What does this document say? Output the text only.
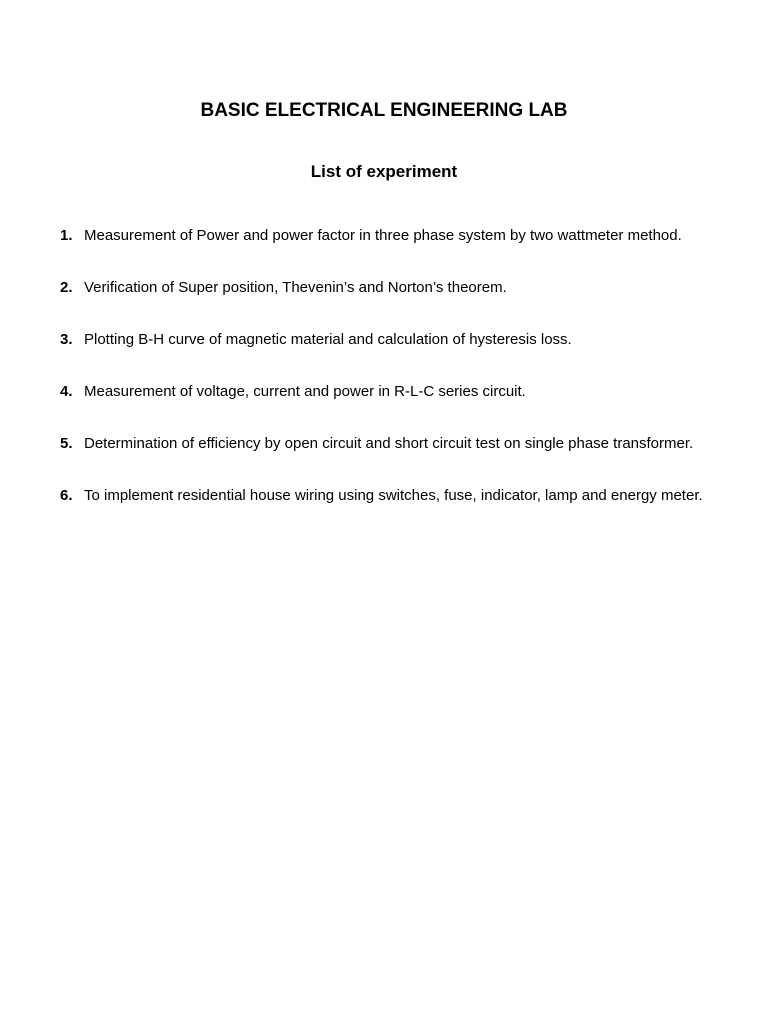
BASIC ELECTRICAL ENGINEERING LAB
List of experiment
1. Measurement of Power and power factor in three phase system by two wattmeter method.
2. Verification of Super position, Thevenin’s and Norton’s theorem.
3. Plotting B-H curve of magnetic material and calculation of hysteresis loss.
4. Measurement of voltage, current and power in R-L-C series circuit.
5. Determination of efficiency by open circuit and short circuit test on single phase transformer.
6. To implement residential house wiring using switches, fuse, indicator, lamp and energy meter.
